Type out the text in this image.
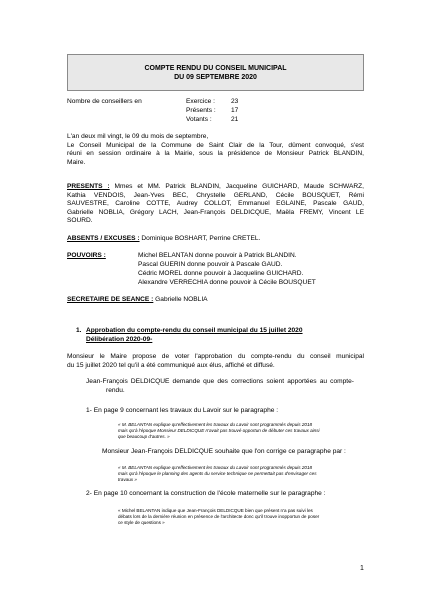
COMPTE RENDU DU CONSEIL MUNICIPAL
DU 09 SEPTEMBRE 2020
Nombre de conseillers en	Exercice : 23
Présents : 17
Votants :	21
L'an deux mil vingt, le 09 du mois de septembre,
Le Conseil Municipal de la Commune de Saint Clair de la Tour, dûment convoqué, s'est
réuni en session ordinaire à la Mairie, sous la présidence de Monsieur Patrick BLANDIN,
Maire.
PRESENTS : Mmes et MM. Patrick BLANDIN, Jacqueline GUICHARD, Maude SCHWARZ,
Kathia VENDOIS, Jean-Yves BEC, Chrystelle GERLAND, Cécile BOUSQUET, Rémi
SAUVESTRE, Caroline COTTE, Audrey COLLOT, Emmanuel EGLAINE, Pascale GAUD,
Gabrielle NOBLIA, Grégory LACH, Jean-François DELDICQUE, Maëla FREMY, Vincent LE
SOURD.
ABSENTS / EXCUSES : Dominique BOSHART, Perrine CRETEL.
POUVOIRS :	Michel BELANTAN donne pouvoir à Patrick BLANDIN.
Pascal GUERIN donne pouvoir à Pascale GAUD.
Cédric MOREL donne pouvoir à Jacqueline GUICHARD.
Alexandre VERRECHIA donne pouvoir à Cécile BOUSQUET
SECRETAIRE DE SEANCE : Gabrielle NOBLIA
1. Approbation du compte-rendu du conseil municipal du 15 juillet 2020
Délibération 2020-09-
Monsieur le Maire propose de voter l'approbation du compte-rendu du conseil municipal
du 15 juillet 2020 tel qu'il a été communiqué aux élus, affiché et diffusé.
Jean-François DELDICQUE demande que des corrections soient apportées au compte-
rendu.
1- En page 9 concernant les travaux du Lavoir sur le paragraphe :
« M. BELANTAN explique qu'effectivement les travaux du Lavoir sont programmés depuis 2018
mais qu'à l'époque Monsieur DELDICQUE n'avait pas trouvé opportun de débuter ces travaux ainsi
que beaucoup d'autres. »
Monsieur Jean-François DELDICQUE souhaite que l'on corrige ce paragraphe par :
« M. BELANTAN explique qu'effectivement les travaux du Lavoir sont programmés depuis 2018
mais qu'à l'époque le planning des agents du service technique ne permettait pas d'envisager ces
travaux »
2- En page 10 concernant la construction de l'école maternelle sur le paragraphe :
« Michel BELANTAN indique que Jean-François DELDICQUE bien que présent n'a pas suivi les
débats lors de la dernière réunion en présence de l'architecte donc qu'il trouve inopportun de poser
ce style de questions »
1
